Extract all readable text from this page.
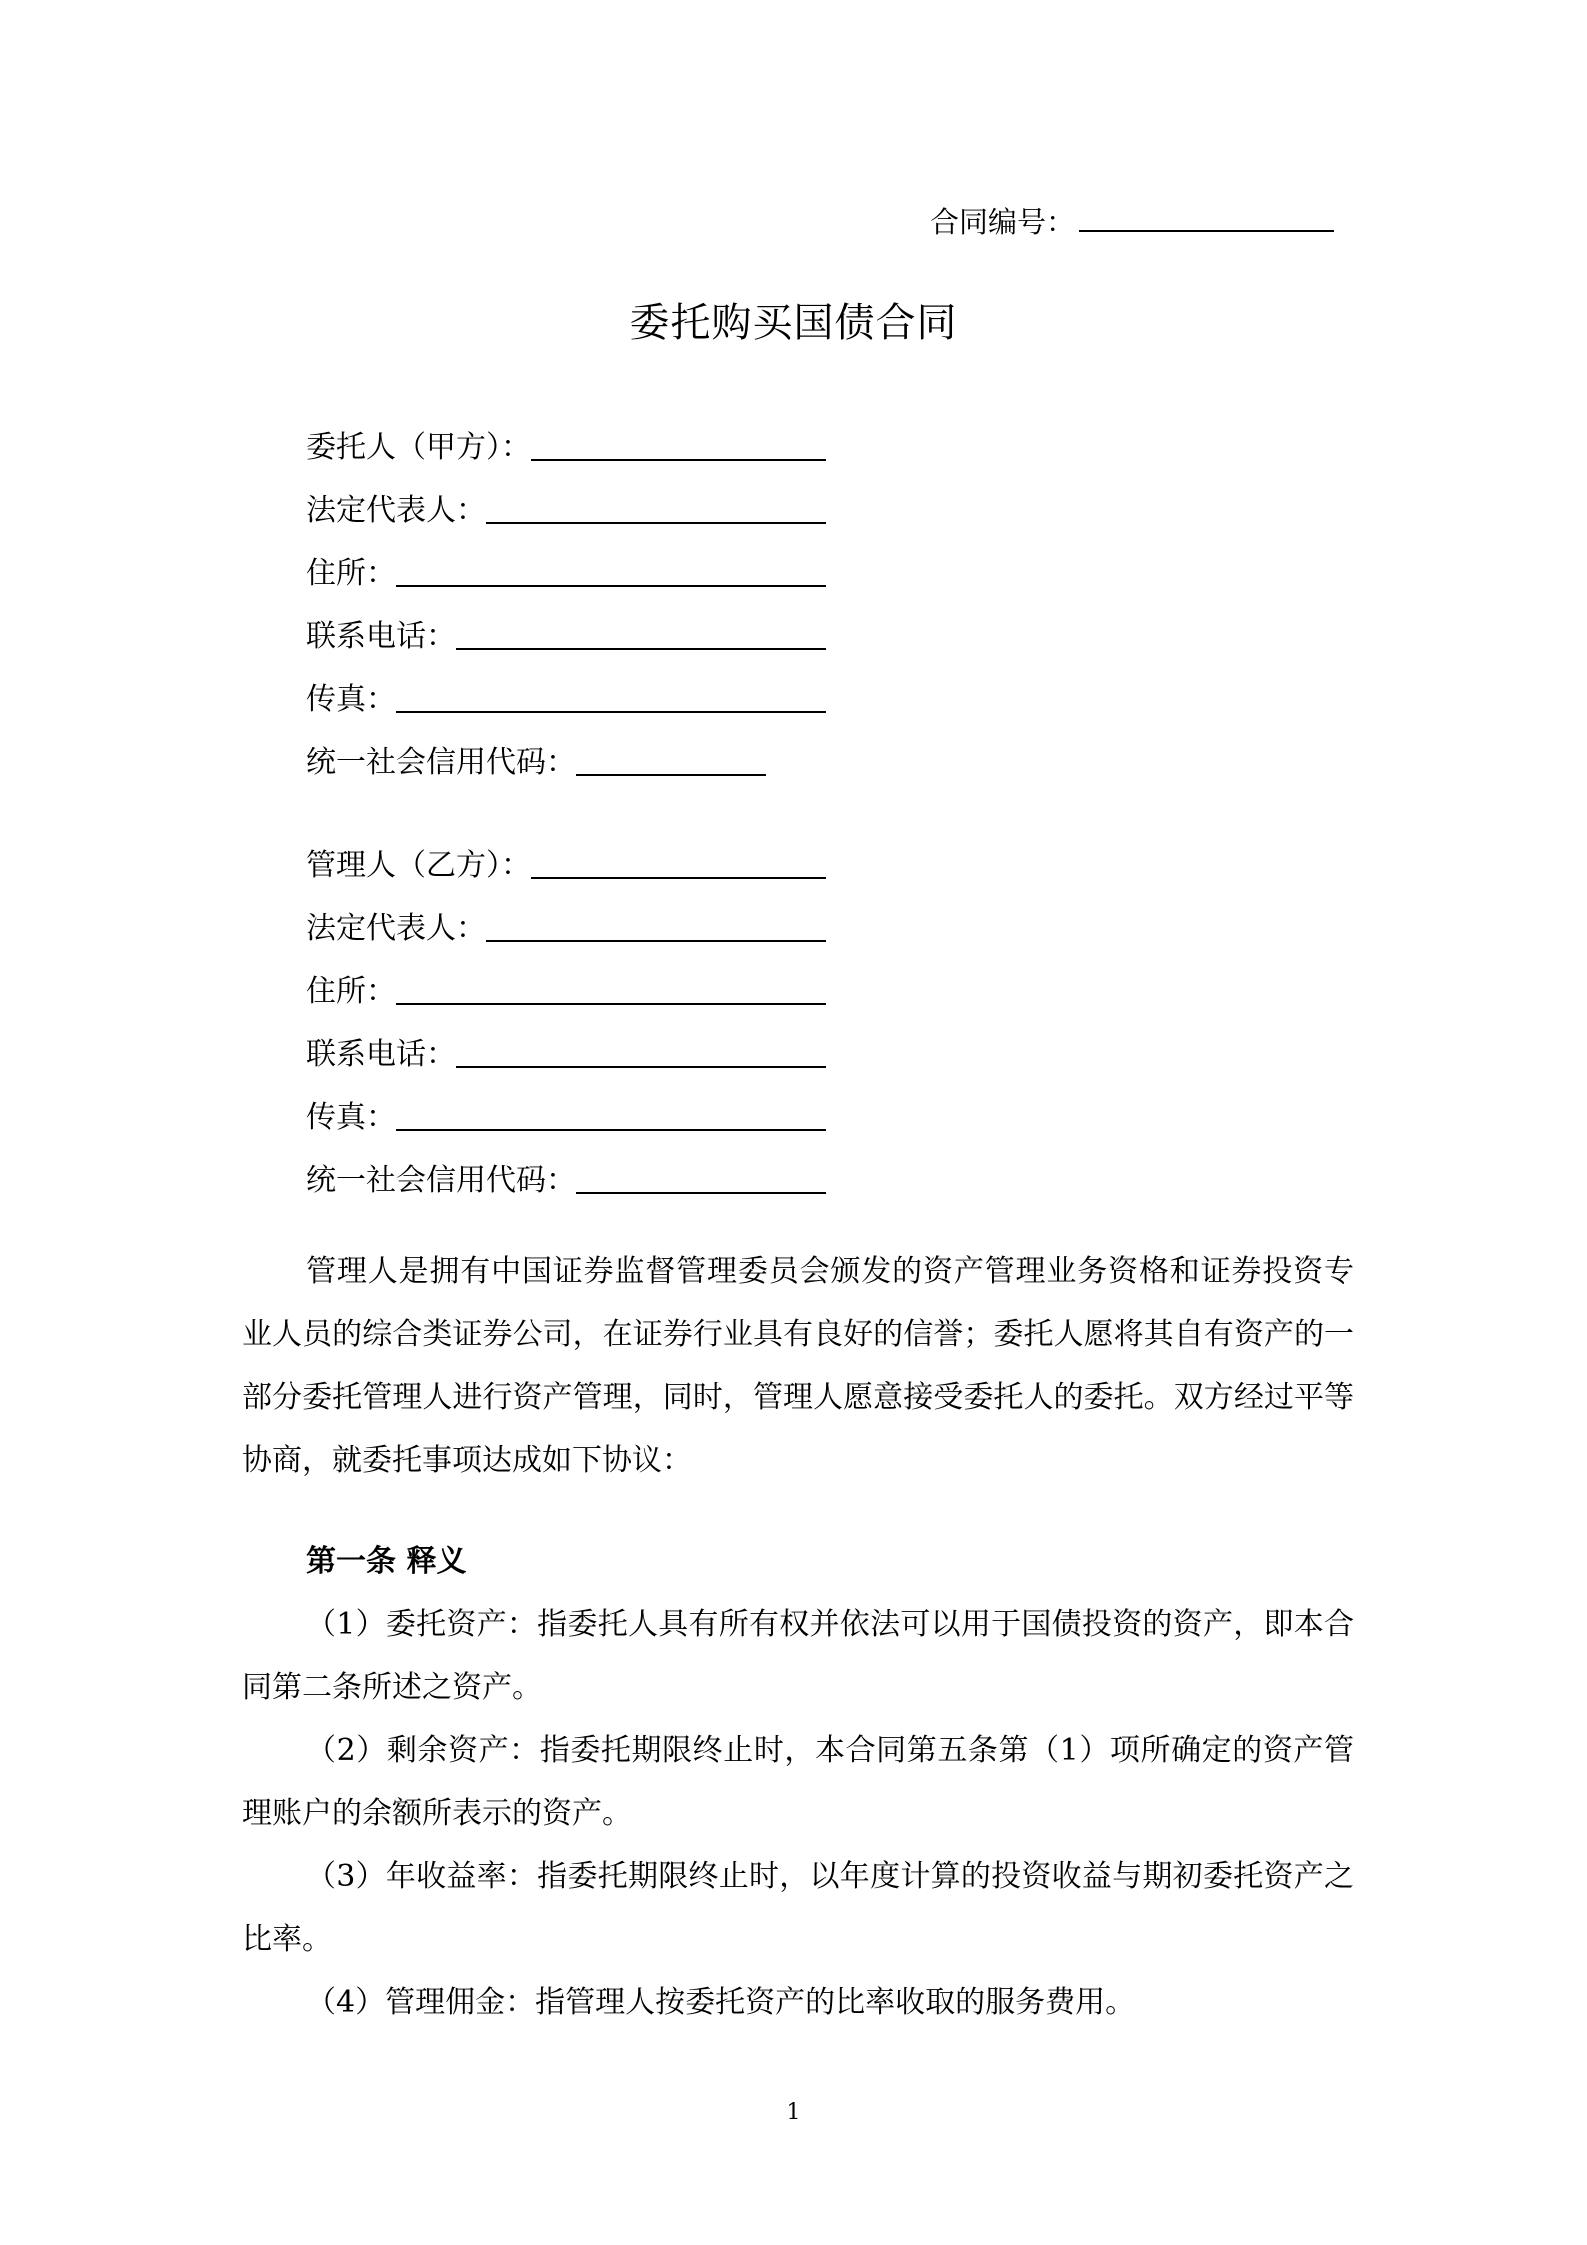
合同编号：
委托购买国债合同
委托人（甲方）：
法定代表人：
住所：
联系电话：
传真：
统一社会信用代码：
管理人（乙方）：
法定代表人：
住所：
联系电话：
传真：
统一社会信用代码：

管理人是拥有中国证券监督管理委员会颁发的资产管理业务资格和证券投资专业人员的综合类证券公司，在证券行业具有良好的信誉；委托人愿将其自有资产的一部分委托管理人进行资产管理，同时，管理人愿意接受委托人的委托。双方经过平等协商，就委托事项达成如下协议：

第一条 释义

（1）委托资产：指委托人具有所有权并依法可以用于国债投资的资产，即本合同第二条所述之资产。

（2）剩余资产：指委托期限终止时，本合同第五条第（1）项所确定的资产管理账户的余额所表示的资产。

（3）年收益率：指委托期限终止时，以年度计算的投资收益与期初委托资产之比率。

（4）管理佣金：指管理人按委托资产的比率收取的服务费用。

1
